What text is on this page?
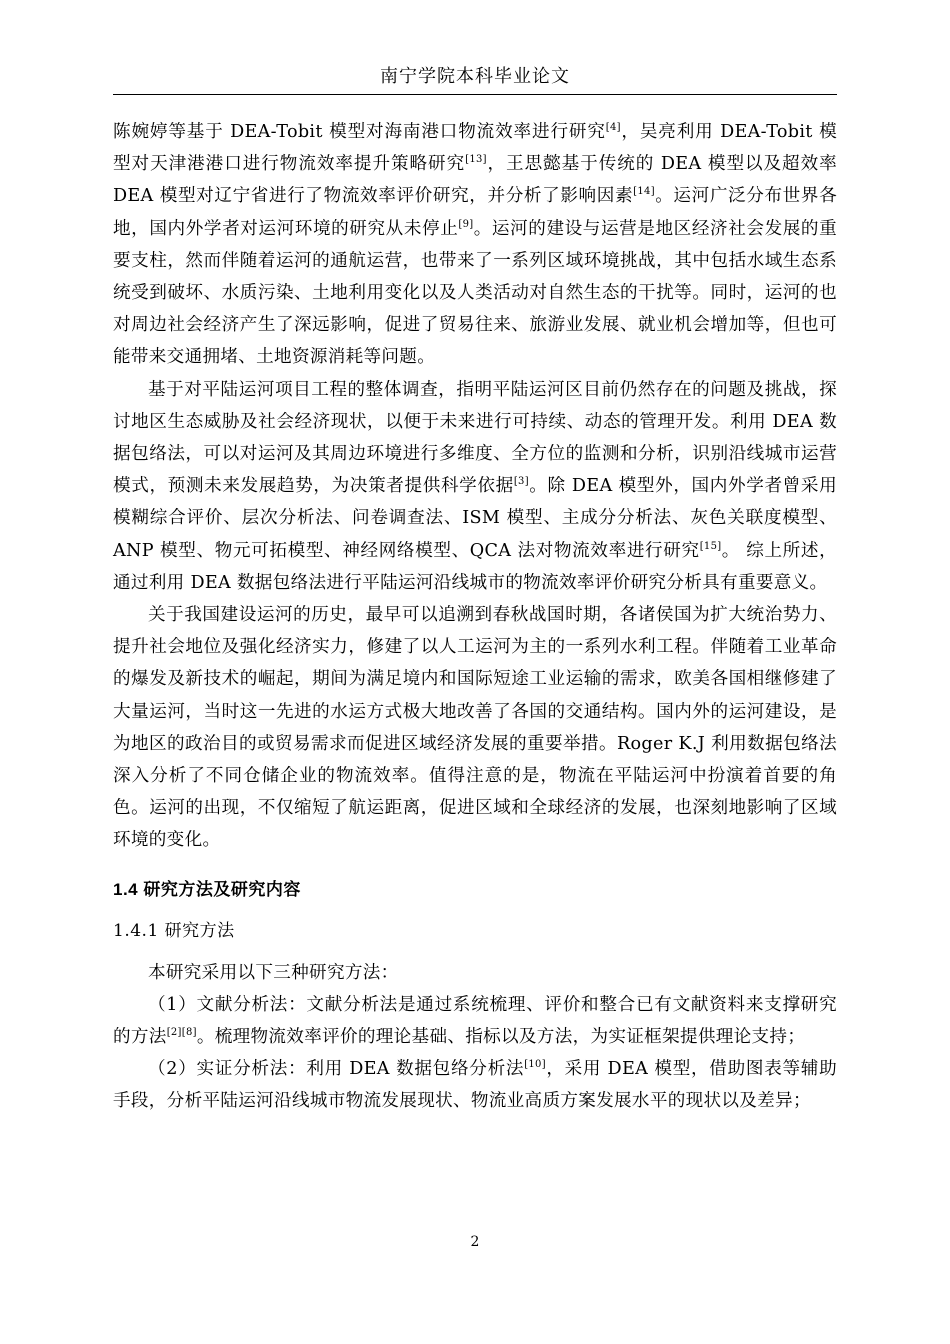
南宁学院本科毕业论文

陈婉婷等基于 DEA-Tobit 模型对海南港口物流效率进行研究[4]，吴亮利用 DEA-Tobit 模型对天津港港口进行物流效率提升策略研究[13]，王思懿基于传统的 DEA 模型以及超效率 DEA 模型对辽宁省进行了物流效率评价研究，并分析了影响因素[14]。运河广泛分布世界各地，国内外学者对运河环境的研究从未停止[9]。运河的建设与运营是地区经济社会发展的重要支柱，然而伴随着运河的通航运营，也带来了一系列区域环境挑战，其中包括水域生态系统受到破坏、水质污染、土地利用变化以及人类活动对自然生态的干扰等。同时，运河的也对周边社会经济产生了深远影响，促进了贸易往来、旅游业发展、就业机会增加等，但也可能带来交通拥堵、土地资源消耗等问题。

基于对平陆运河项目工程的整体调查，指明平陆运河区目前仍然存在的问题及挑战，探讨地区生态威胁及社会经济现状，以便于未来进行可持续、动态的管理开发。利用 DEA 数据包络法，可以对运河及其周边环境进行多维度、全方位的监测和分析，识别沿线城市运营模式，预测未来发展趋势，为决策者提供科学依据[3]。除 DEA 模型外，国内外学者曾采用模糊综合评价、层次分析法、问卷调查法、ISM 模型、主成分分析法、灰色关联度模型、ANP 模型、物元可拓模型、神经网络模型、QCA 法对物流效率进行研究[15]。 综上所述，通过利用 DEA 数据包络法进行平陆运河沿线城市的物流效率评价研究分析具有重要意义。

关于我国建设运河的历史，最早可以追溯到春秋战国时期，各诸侯国为扩大统治势力、提升社会地位及强化经济实力，修建了以人工运河为主的一系列水利工程。伴随着工业革命的爆发及新技术的崛起，期间为满足境内和国际短途工业运输的需求，欧美各国相继修建了大量运河，当时这一先进的水运方式极大地改善了各国的交通结构。国内外的运河建设，是为地区的政治目的或贸易需求而促进区域经济发展的重要举措。Roger K.J 利用数据包络法深入分析了不同仓储企业的物流效率。值得注意的是，物流在平陆运河中扮演着首要的角色。运河的出现，不仅缩短了航运距离，促进区域和全球经济的发展，也深刻地影响了区域环境的变化。

1.4 研究方法及研究内容
1.4.1 研究方法

本研究采用以下三种研究方法：

（1）文献分析法：文献分析法是通过系统梳理、评价和整合已有文献资料来支撑研究的方法[2][8]。梳理物流效率评价的理论基础、指标以及方法，为实证框架提供理论支持；

（2）实证分析法：利用 DEA 数据包络分析法[10]，采用 DEA 模型，借助图表等辅助手段，分析平陆运河沿线城市物流发展现状、物流业高质方案发展水平的现状以及差异；

2
